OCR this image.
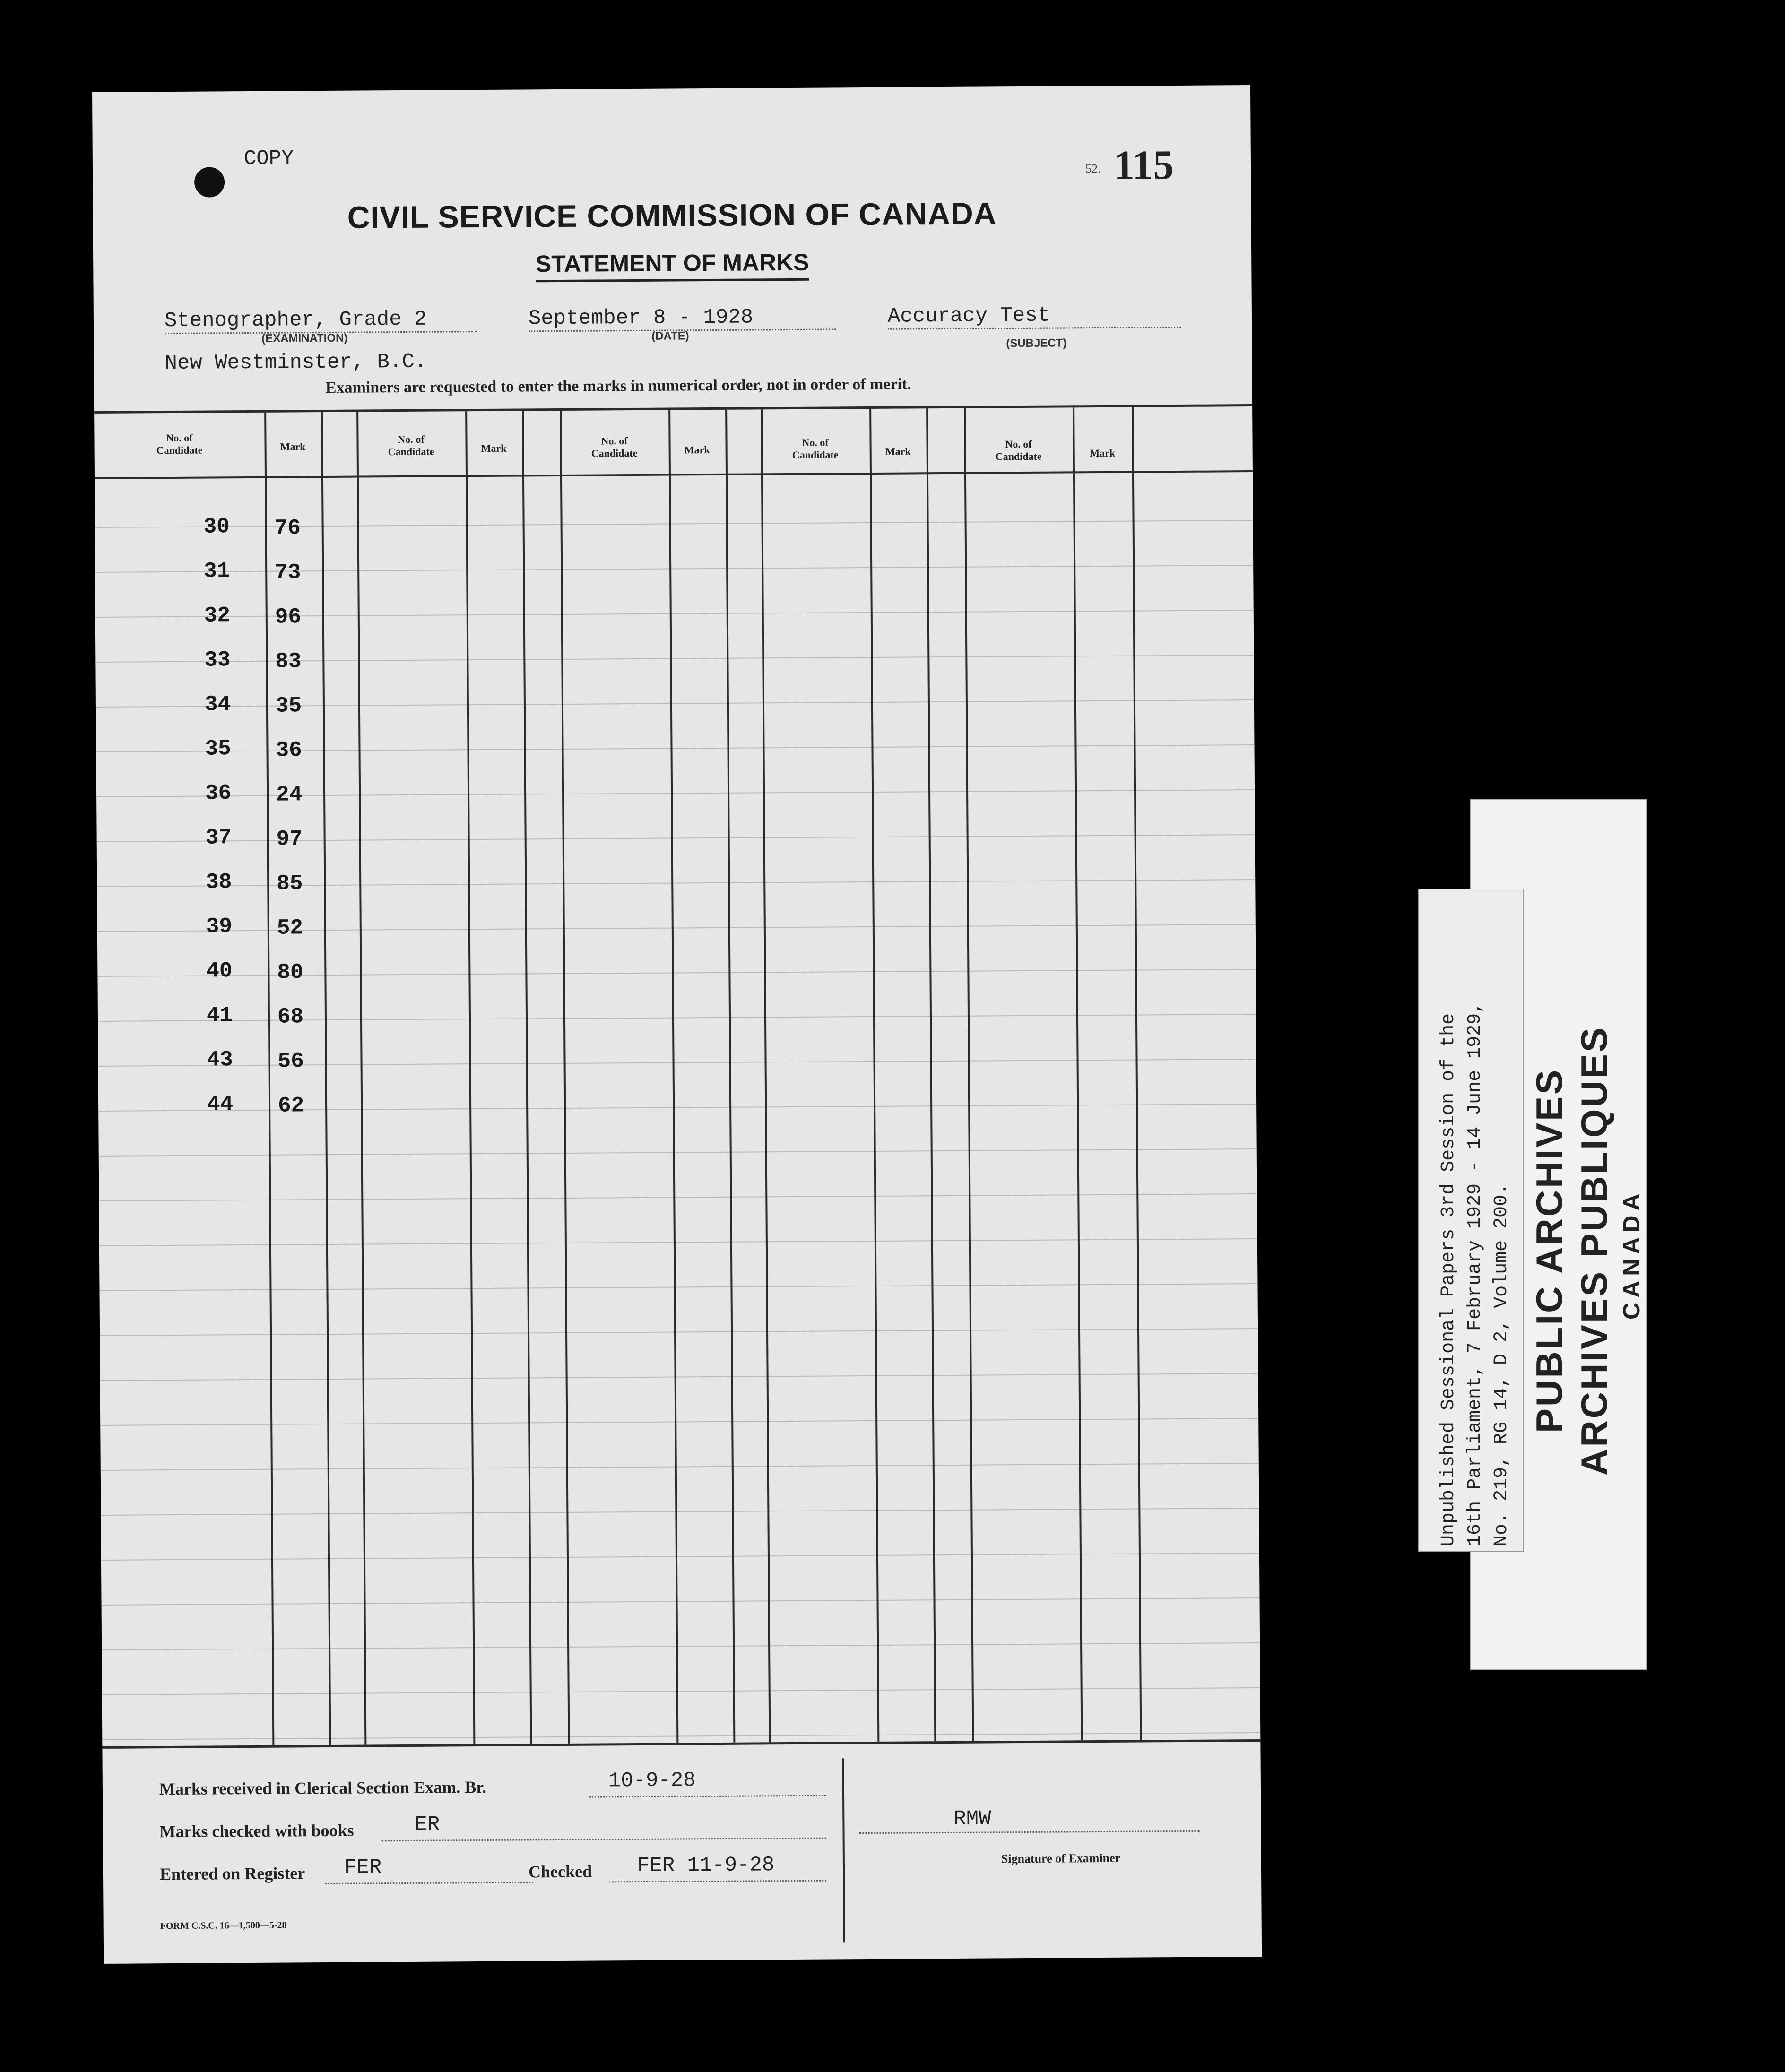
COPY	52. 115
CIVIL SERVICE COMMISSION OF CANADA
STATEMENT OF MARKS
Stenographer, Grade 2
(EXAMINATION)
September 8 - 1928
(DATE)
Accuracy Test
(SUBJECT)
New Westminster, B.C.
Examiners are requested to enter the marks in numerical order, not in order of merit.
No. of
Candidate	Mark
No. of
Candidate	Mark
No. of
Candidate	Mark
No. of
Candidate	Mark
No. of
Candidate	Mark
30 76
31 73
32 96
33 83
34 35
35 36
36 24
37 97
38 85
39 52
40 80
41 68
43 56
44 62
Marks received in Clerical Section Exam. Br.	10-9-28
Marks checked with books	ER
Entered on Register FER	Checked FER 11-9-28
RMW
Signature of Examiner
FORM C.S.C. 16—1,500—5-28
PUBLIC ARCHIVES ARCHIVES PUBLIQUES CANADA
Unpublished Sessional Papers 3rd Session of the 16th Parliament, 7 February 1929 - 14 June 1929, No. 219, RG 14, D 2, Volume 200.
